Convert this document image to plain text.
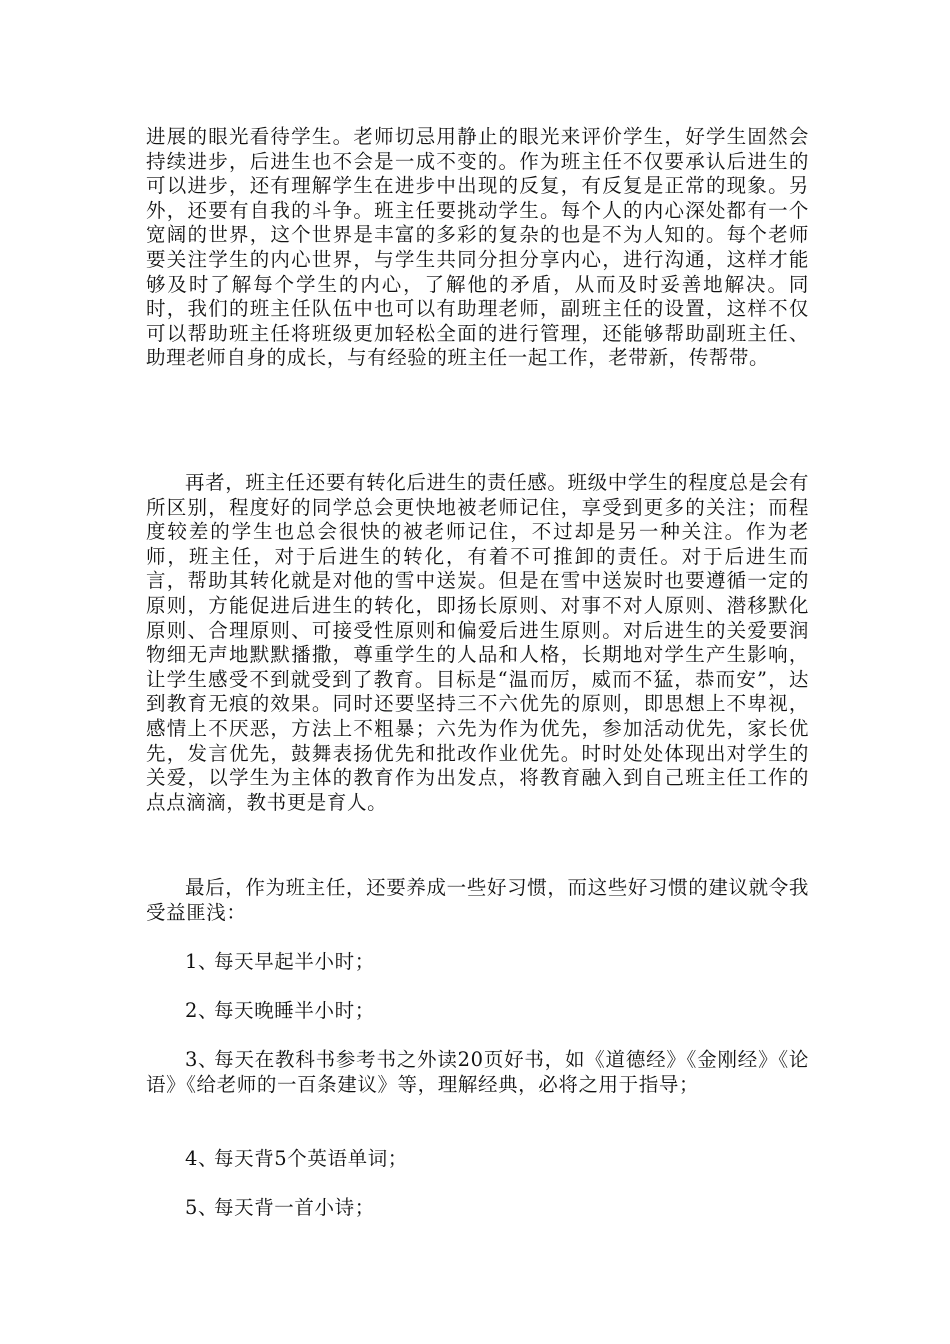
进展的眼光看待学生。老师切忌用静止的眼光来评价学生，好学生固然会持续进步，后进生也不会是一成不变的。作为班主任不仅要承认后进生的可以进步，还有理解学生在进步中出现的反复，有反复是正常的现象。另外，还要有自我的斗争。班主任要挑动学生。每个人的内心深处都有一个宽阔的世界，这个世界是丰富的多彩的复杂的也是不为人知的。每个老师要关注学生的内心世界，与学生共同分担分享内心，进行沟通，这样才能够及时了解每个学生的内心，了解他的矛盾，从而及时妥善地解决。同时，我们的班主任队伍中也可以有助理老师，副班主任的设置，这样不仅可以帮助班主任将班级更加轻松全面的进行管理，还能够帮助副班主任、助理老师自身的成长，与有经验的班主任一起工作，老带新，传帮带。

再者，班主任还要有转化后进生的责任感。班级中学生的程度总是会有所区别，程度好的同学总会更快地被老师记住，享受到更多的关注；而程度较差的学生也总会很快的被老师记住，不过却是另一种关注。作为老师，班主任，对于后进生的转化，有着不可推卸的责任。对于后进生而言，帮助其转化就是对他的雪中送炭。但是在雪中送炭时也要遵循一定的原则，方能促进后进生的转化，即扬长原则、对事不对人原则、潜移默化原则、合理原则、可接受性原则和偏爱后进生原则。对后进生的关爱要润物细无声地默默播撒，尊重学生的人品和人格，长期地对学生产生影响，让学生感受不到就受到了教育。目标是“温而厉，威而不猛，恭而安”，达到教育无痕的效果。同时还要坚持三不六优先的原则，即思想上不卑视，感情上不厌恶，方法上不粗暴；六先为作为优先，参加活动优先，家长优先，发言优先，鼓舞表扬优先和批改作业优先。时时处处体现出对学生的关爱，以学生为主体的教育作为出发点，将教育融入到自己班主任工作的点点滴滴，教书更是育人。

最后，作为班主任，还要养成一些好习惯，而这些好习惯的建议就令我受益匪浅：

1、每天早起半小时；

2、每天晚睡半小时；

3、每天在教科书参考书之外读20页好书，如《道德经》《金刚经》《论语》《给老师的一百条建议》等，理解经典，必将之用于指导；

4、每天背5个英语单词；

5、每天背一首小诗；
